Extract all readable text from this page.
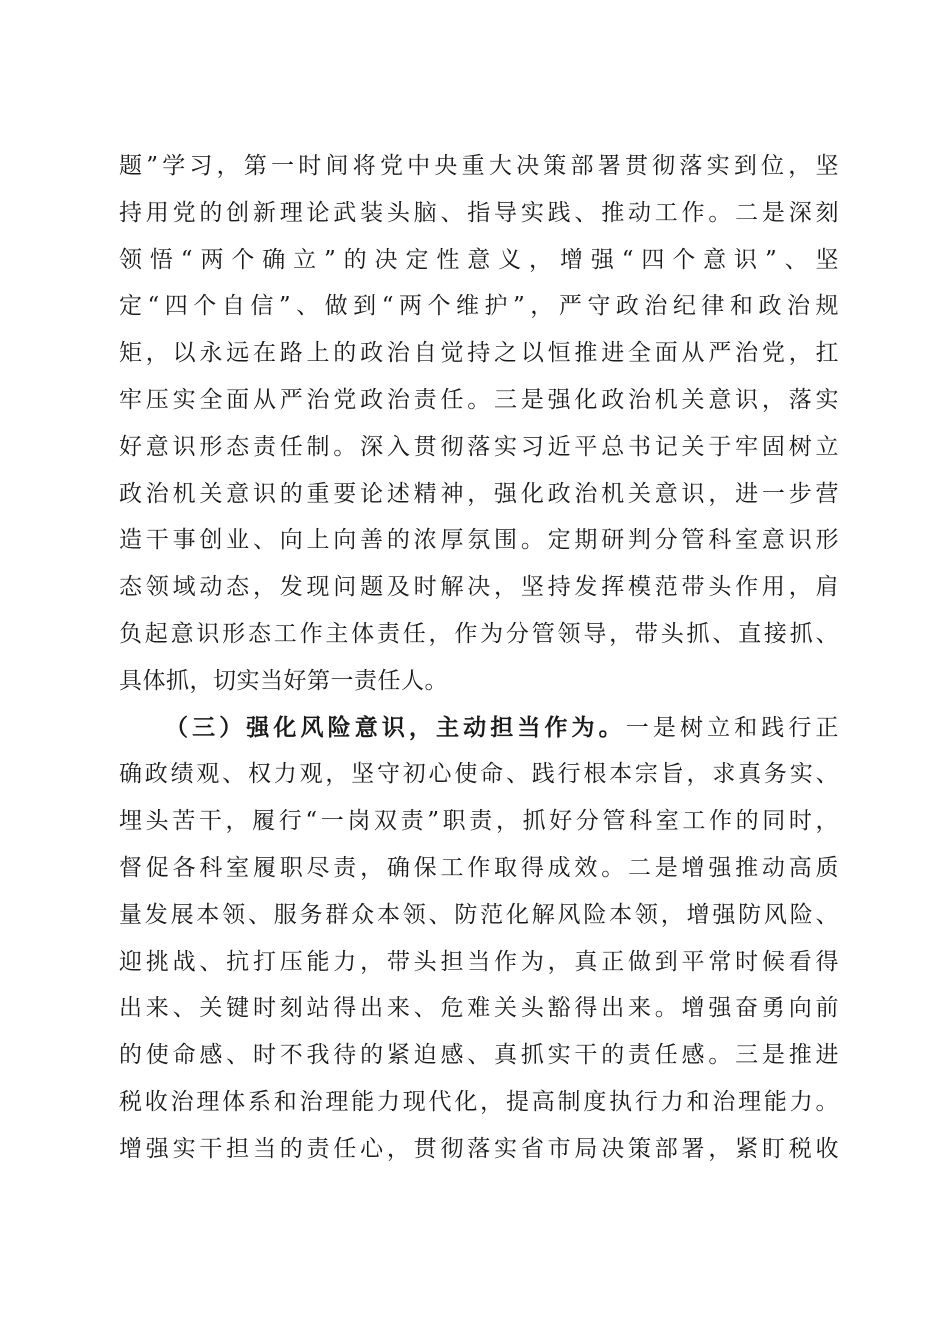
题”学习，第一时间将党中央重大决策部署贯彻落实到位，坚
持用党的创新理论武装头脑、指导实践、推动工作。二是深刻
领悟“两个确立”的决定性意义，增强“四个意识”、坚
定“四个自信”、做到“两个维护”，严守政治纪律和政治规
矩，以永远在路上的政治自觉持之以恒推进全面从严治党，扛
牢压实全面从严治党政治责任。三是强化政治机关意识，落实
好意识形态责任制。深入贯彻落实习近平总书记关于牢固树立
政治机关意识的重要论述精神，强化政治机关意识，进一步营
造干事创业、向上向善的浓厚氛围。定期研判分管科室意识形
态领域动态，发现问题及时解决，坚持发挥模范带头作用，肩
负起意识形态工作主体责任，作为分管领导，带头抓、直接抓、
具体抓，切实当好第一责任人。
（三）强化风险意识，主动担当作为。一是树立和践行正
确政绩观、权力观，坚守初心使命、践行根本宗旨，求真务实、
埋头苦干，履行“一岗双责”职责，抓好分管科室工作的同时，
督促各科室履职尽责，确保工作取得成效。二是增强推动高质
量发展本领、服务群众本领、防范化解风险本领，增强防风险、
迎挑战、抗打压能力，带头担当作为，真正做到平常时候看得
出来、关键时刻站得出来、危难关头豁得出来。增强奋勇向前
的使命感、时不我待的紧迫感、真抓实干的责任感。三是推进
税收治理体系和治理能力现代化，提高制度执行力和治理能力。
增强实干担当的责任心，贯彻落实省市局决策部署，紧盯税收
